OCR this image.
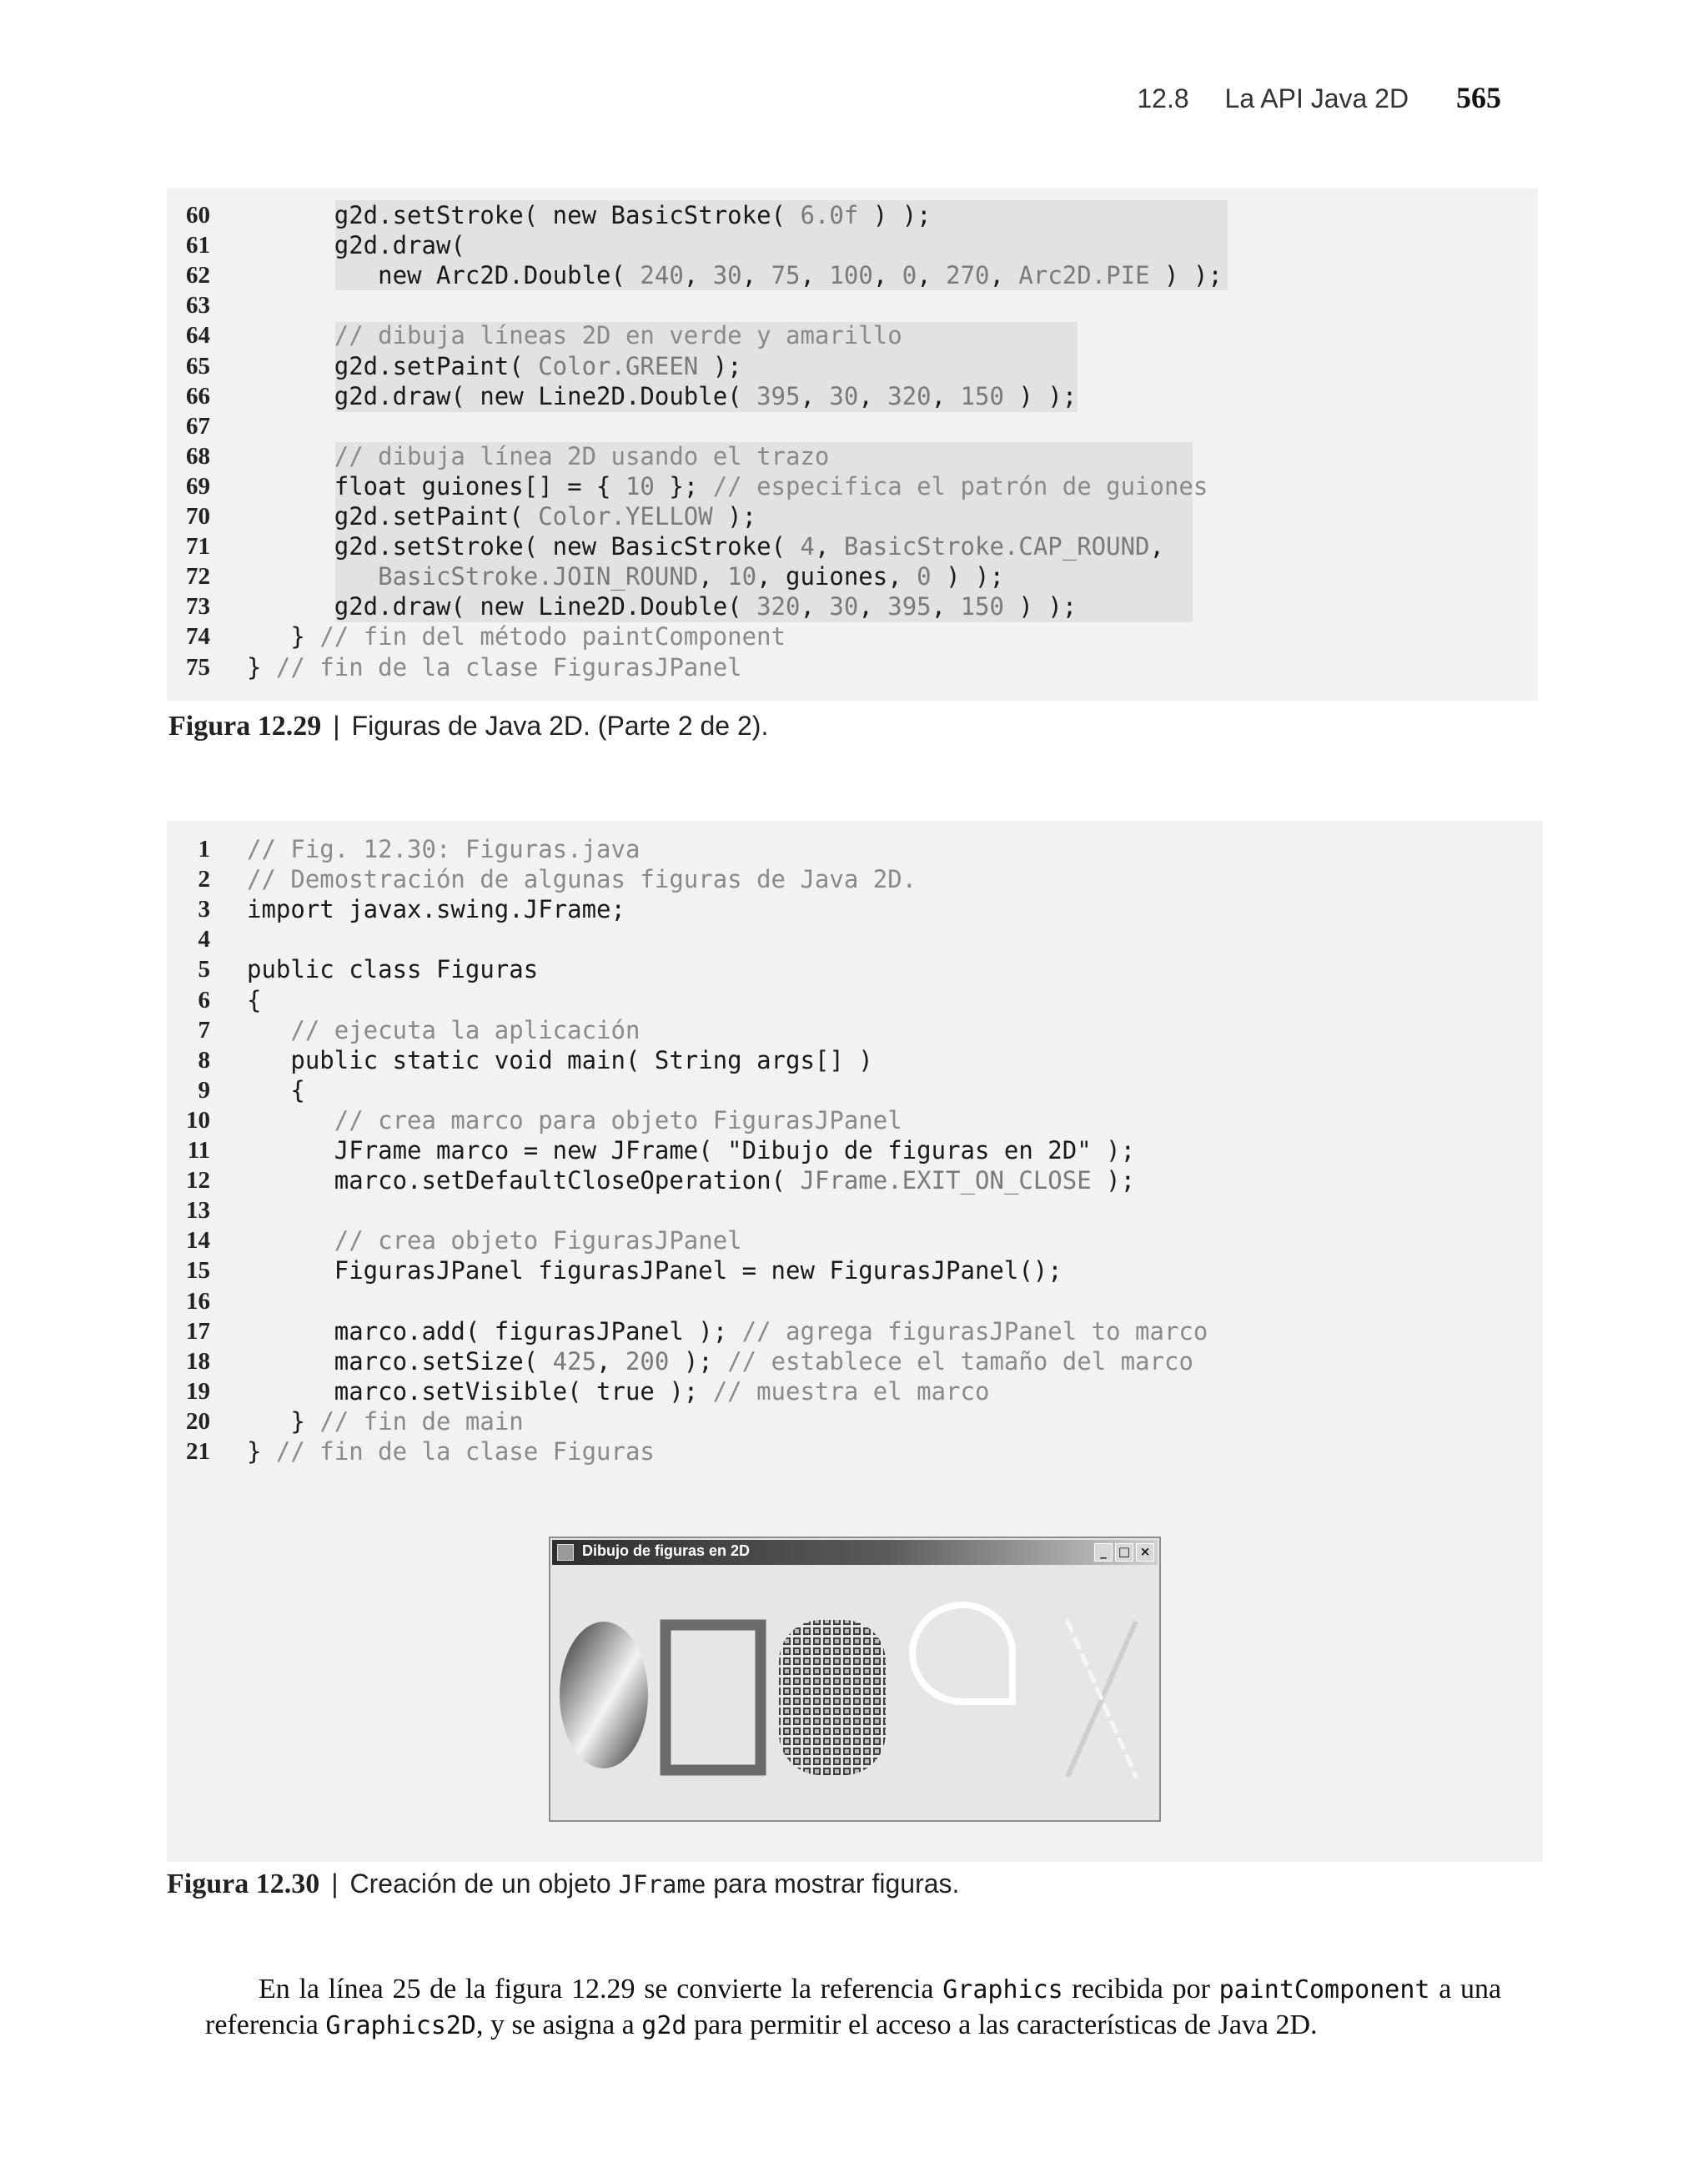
12.8 La API Java 2D 565
60 g2d.setStroke( new BasicStroke( 6.0f ) );
61 g2d.draw(
62 new Arc2D.Double( 240, 30, 75, 100, 0, 270, Arc2D.PIE ) );
63
64 // dibuja líneas 2D en verde y amarillo
65 g2d.setPaint( Color.GREEN );
66 g2d.draw( new Line2D.Double( 395, 30, 320, 150 ) );
67
68 // dibuja línea 2D usando el trazo
69 float guiones[] = { 10 }; // especifica el patrón de guiones
70 g2d.setPaint( Color.YELLOW );
71 g2d.setStroke( new BasicStroke( 4, BasicStroke.CAP_ROUND,
72 BasicStroke.JOIN_ROUND, 10, guiones, 0 ) );
73 g2d.draw( new Line2D.Double( 320, 30, 395, 150 ) );
74 } // fin del método paintComponent
75 } // fin de la clase FigurasJPanel
Figura 12.29 | Figuras de Java 2D. (Parte 2 de 2).
1 // Fig. 12.30: Figuras.java
2 // Demostración de algunas figuras de Java 2D.
3 import javax.swing.JFrame;
4
5 public class Figuras
6 {
7 // ejecuta la aplicación
8 public static void main( String args[] )
9 {
10 // crea marco para objeto FigurasJPanel
11 JFrame marco = new JFrame( "Dibujo de figuras en 2D" );
12 marco.setDefaultCloseOperation( JFrame.EXIT_ON_CLOSE );
13
14 // crea objeto FigurasJPanel
15 FigurasJPanel figurasJPanel = new FigurasJPanel();
16
17 marco.add( figurasJPanel ); // agrega figurasJPanel to marco
18 marco.setSize( 425, 200 ); // establece el tamaño del marco
19 marco.setVisible( true ); // muestra el marco
20 } // fin de main
21 } // fin de la clase Figuras
Dibujo de figuras en 2D	_ □ ×
Figura 12.30 | Creación de un objeto JFrame para mostrar figuras.

En la línea 25 de la figura 12.29 se convierte la referencia Graphics recibida por paintComponent a una referencia Graphics2D, y se asigna a g2d para permitir el acceso a las características de Java 2D.
